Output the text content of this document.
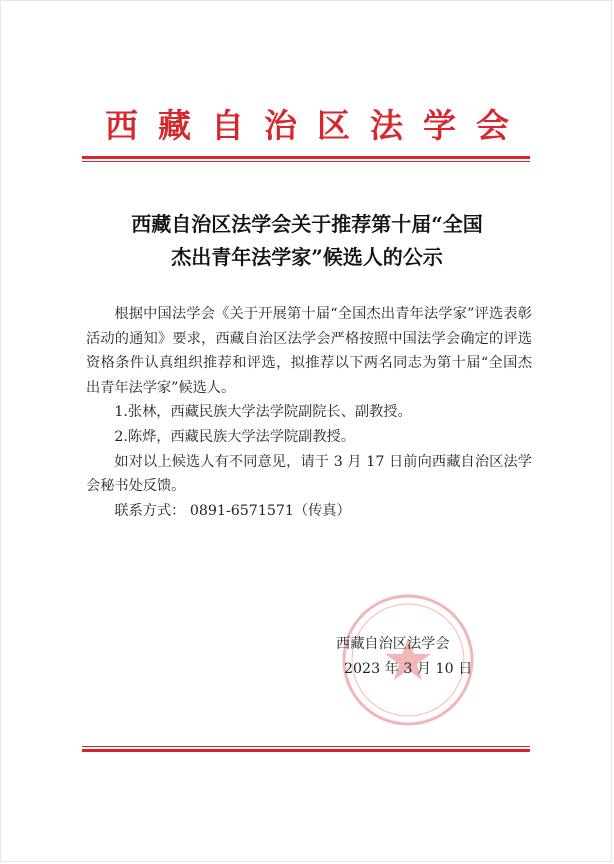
西藏自治区法学会
西藏自治区法学会关于推荐第十届“全国
杰出青年法学家”候选人的公示

根据中国法学会《关于开展第十届“全国杰出青年法学家”评选表彰活动的通知》要求，西藏自治区法学会严格按照中国法学会确定的评选资格条件认真组织推荐和评选，拟推荐以下两名同志为第十届“全国杰出青年法学家”候选人。

1.张林，西藏民族大学法学院副院长、副教授。

2.陈烨，西藏民族大学法学院副教授。

如对以上候选人有不同意见，请于 3 月 17 日前向西藏自治区法学会秘书处反馈。

联系方式： 0891-6571571（传真）

西藏自治区法学会
2023 年 3 月 10 日
